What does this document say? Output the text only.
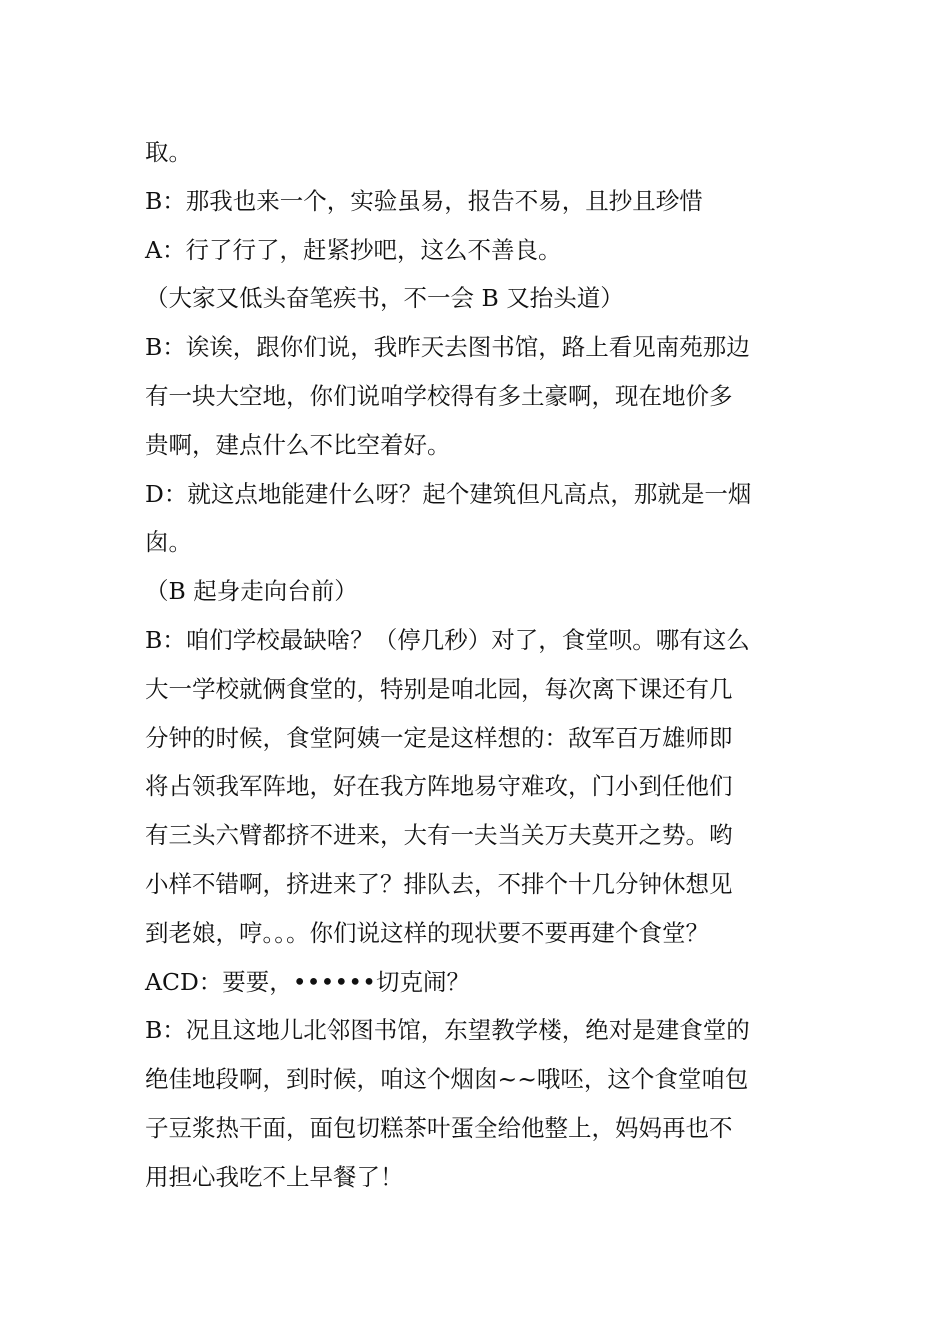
取。

B：那我也来一个，实验虽易，报告不易，且抄且珍惜

A：行了行了，赶紧抄吧，这么不善良。

（大家又低头奋笔疾书，不一会 B 又抬头道）

B：诶诶，跟你们说，我昨天去图书馆，路上看见南苑那边

有一块大空地，你们说咱学校得有多土豪啊，现在地价多

贵啊，建点什么不比空着好。

D：就这点地能建什么呀？起个建筑但凡高点，那就是一烟

囱。

（B 起身走向台前）

B：咱们学校最缺啥？（停几秒）对了，食堂呗。哪有这么

大一学校就俩食堂的，特别是咱北园，每次离下课还有几

分钟的时候，食堂阿姨一定是这样想的：敌军百万雄师即

将占领我军阵地，好在我方阵地易守难攻，门小到任他们

有三头六臂都挤不进来，大有一夫当关万夫莫开之势。哟

小样不错啊，挤进来了？排队去，不排个十几分钟休想见

到老娘，哼。。。你们说这样的现状要不要再建个食堂？

ACD：要要，••••••切克闹？

B：况且这地儿北邻图书馆，东望教学楼，绝对是建食堂的

绝佳地段啊，到时候，咱这个烟囱~~哦呸，这个食堂咱包

子豆浆热干面，面包切糕茶叶蛋全给他整上，妈妈再也不

用担心我吃不上早餐了！
